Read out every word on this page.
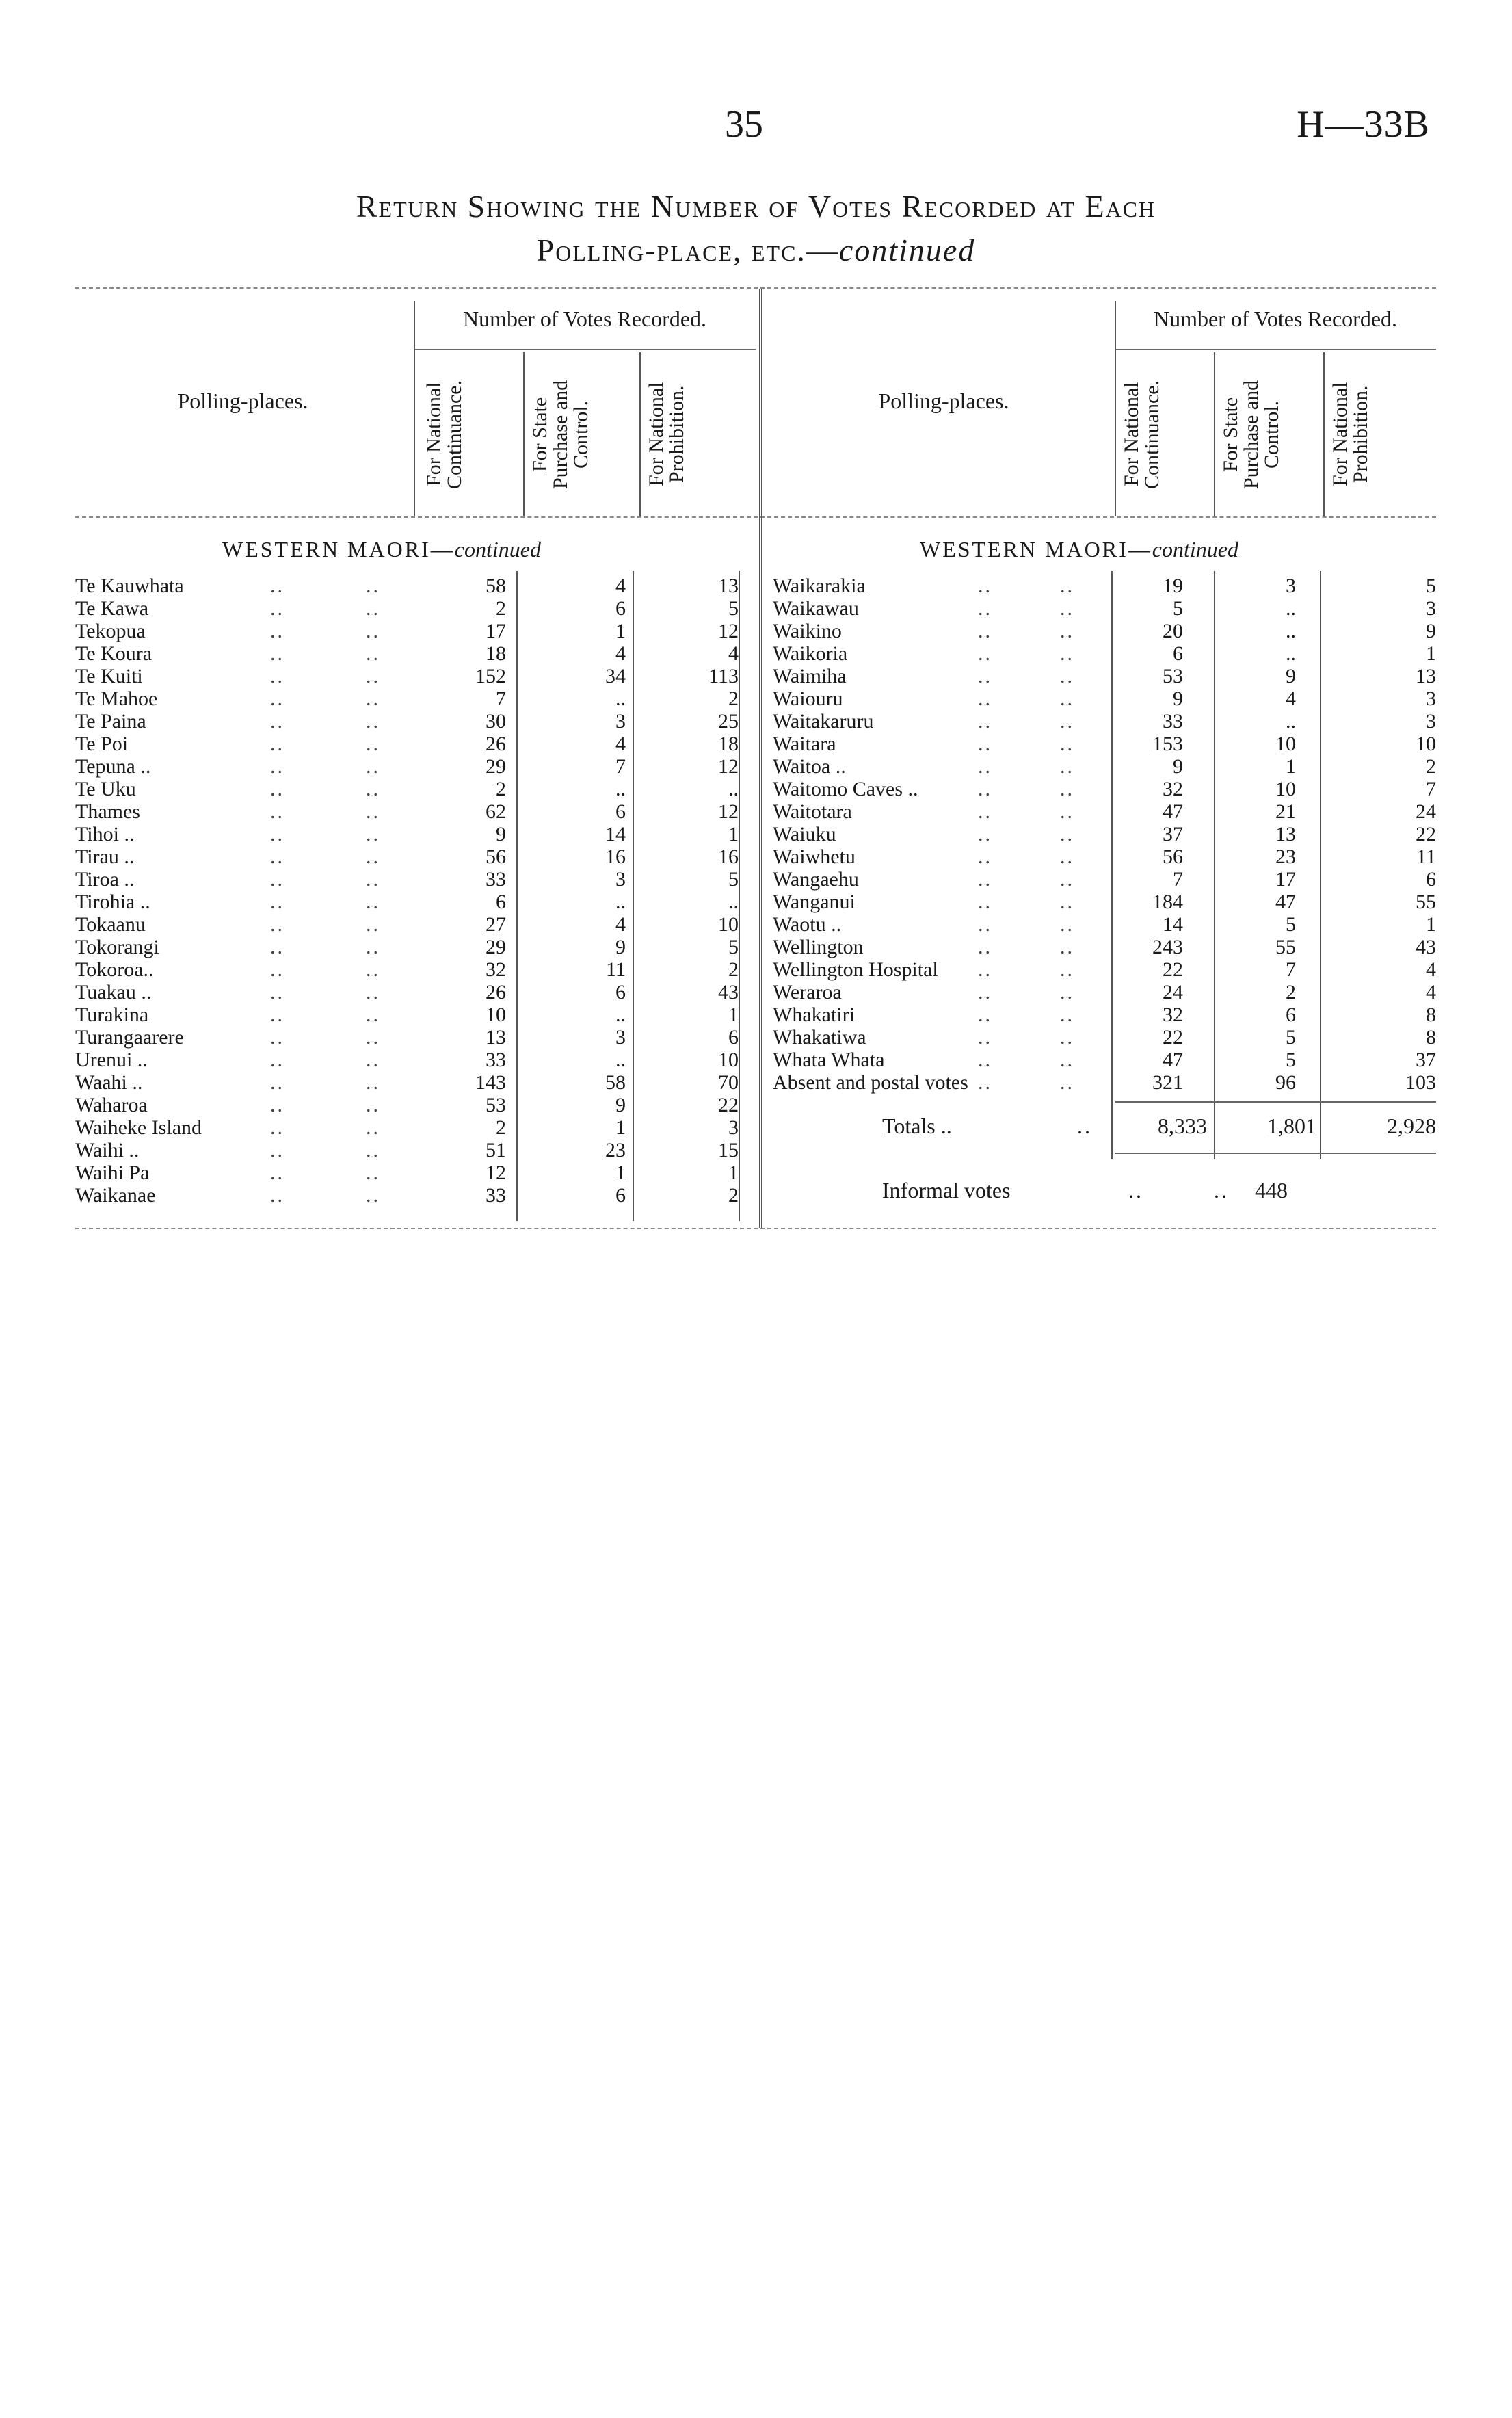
35	H—33B
Return Showing the Number of Votes Recorded at Each
Polling-place, etc.—continued
Polling-places.
Number of Votes Recorded.
For National
Continuance.	For State
Purchase and
Control.
For National
Prohibition.	Polling-places.
Number of Votes Recorded.
For National
Continuance.	For State
Purchase and
Control.
For National
Prohibition.
WESTERN MAORI—continued	WESTERN MAORI—continued
Te Kauwhata	..	..	58	4	13
Te Kawa	..	..	2	6	5
Tekopua	..	..	17	1	12
Te Koura	..	..	18	4	4
Te Kuiti	..	..	152	34	113
Te Mahoe	..	..	7	..	2
Te Paina	..	..	30	3	25
Te Poi	..	..	26	4	18
Tepuna ..	..	..	29	7	12
Te Uku	..	..	2	..	..
Thames	..	..	62	6	12
Tihoi ..	..	..	9	14	1
Tirau ..	..	..	56	16	16
Tiroa ..	..	..	33	3	5
Tirohia ..	..	..	6	..	..
Tokaanu	..	..	27	4	10
Tokorangi	..	..	29	9	5
Tokoroa..	..	..	32	11	2
Tuakau ..	..	..	26	6	43
Turakina	..	..	10	..	1
Turangaarere	..	..	13	3	6
Urenui ..	..	..	33	..	10
Waahi ..	..	..	143	58	70
Waharoa	..	..	53	9	22
Waiheke Island	..	..	2	1	3
Waihi ..	..	..	51	23	15
Waihi Pa	..	..	12	1	1
Waikanae	..	..	33	6	2
Waikarakia	..	..	19	3	5
Waikawau	..	..	5	..	3
Waikino	..	..	20	..	9
Waikoria	..	..	6	..	1
Waimiha	..	..	53	9	13
Waiouru	..	..	9	4	3
Waitakaruru	..	..	33	..	3
Waitara	..	..	153	10	10
Waitoa ..	..	..	9	1	2
Waitomo Caves ..	..	..	32	10	7
Waitotara	..	..	47	21	24
Waiuku	..	..	37	13	22
Waiwhetu	..	..	56	23	11
Wangaehu	..	..	7	17	6
Wanganui	..	..	184	47	55
Waotu ..	..	..	14	5	1
Wellington	..	..	243	55	43
Wellington Hospital ..	..	22	7	4
Weraroa	..	..	24	2	4
Whakatiri	..	..	32	6	8
Whakatiwa	..	..	22	5	8
Whata Whata	..	..	47	5	37
Absent and postal votes ..	..	321	96	103
Totals ..	..	8,333	1,801	2,928
Informal votes	..	.. 448
